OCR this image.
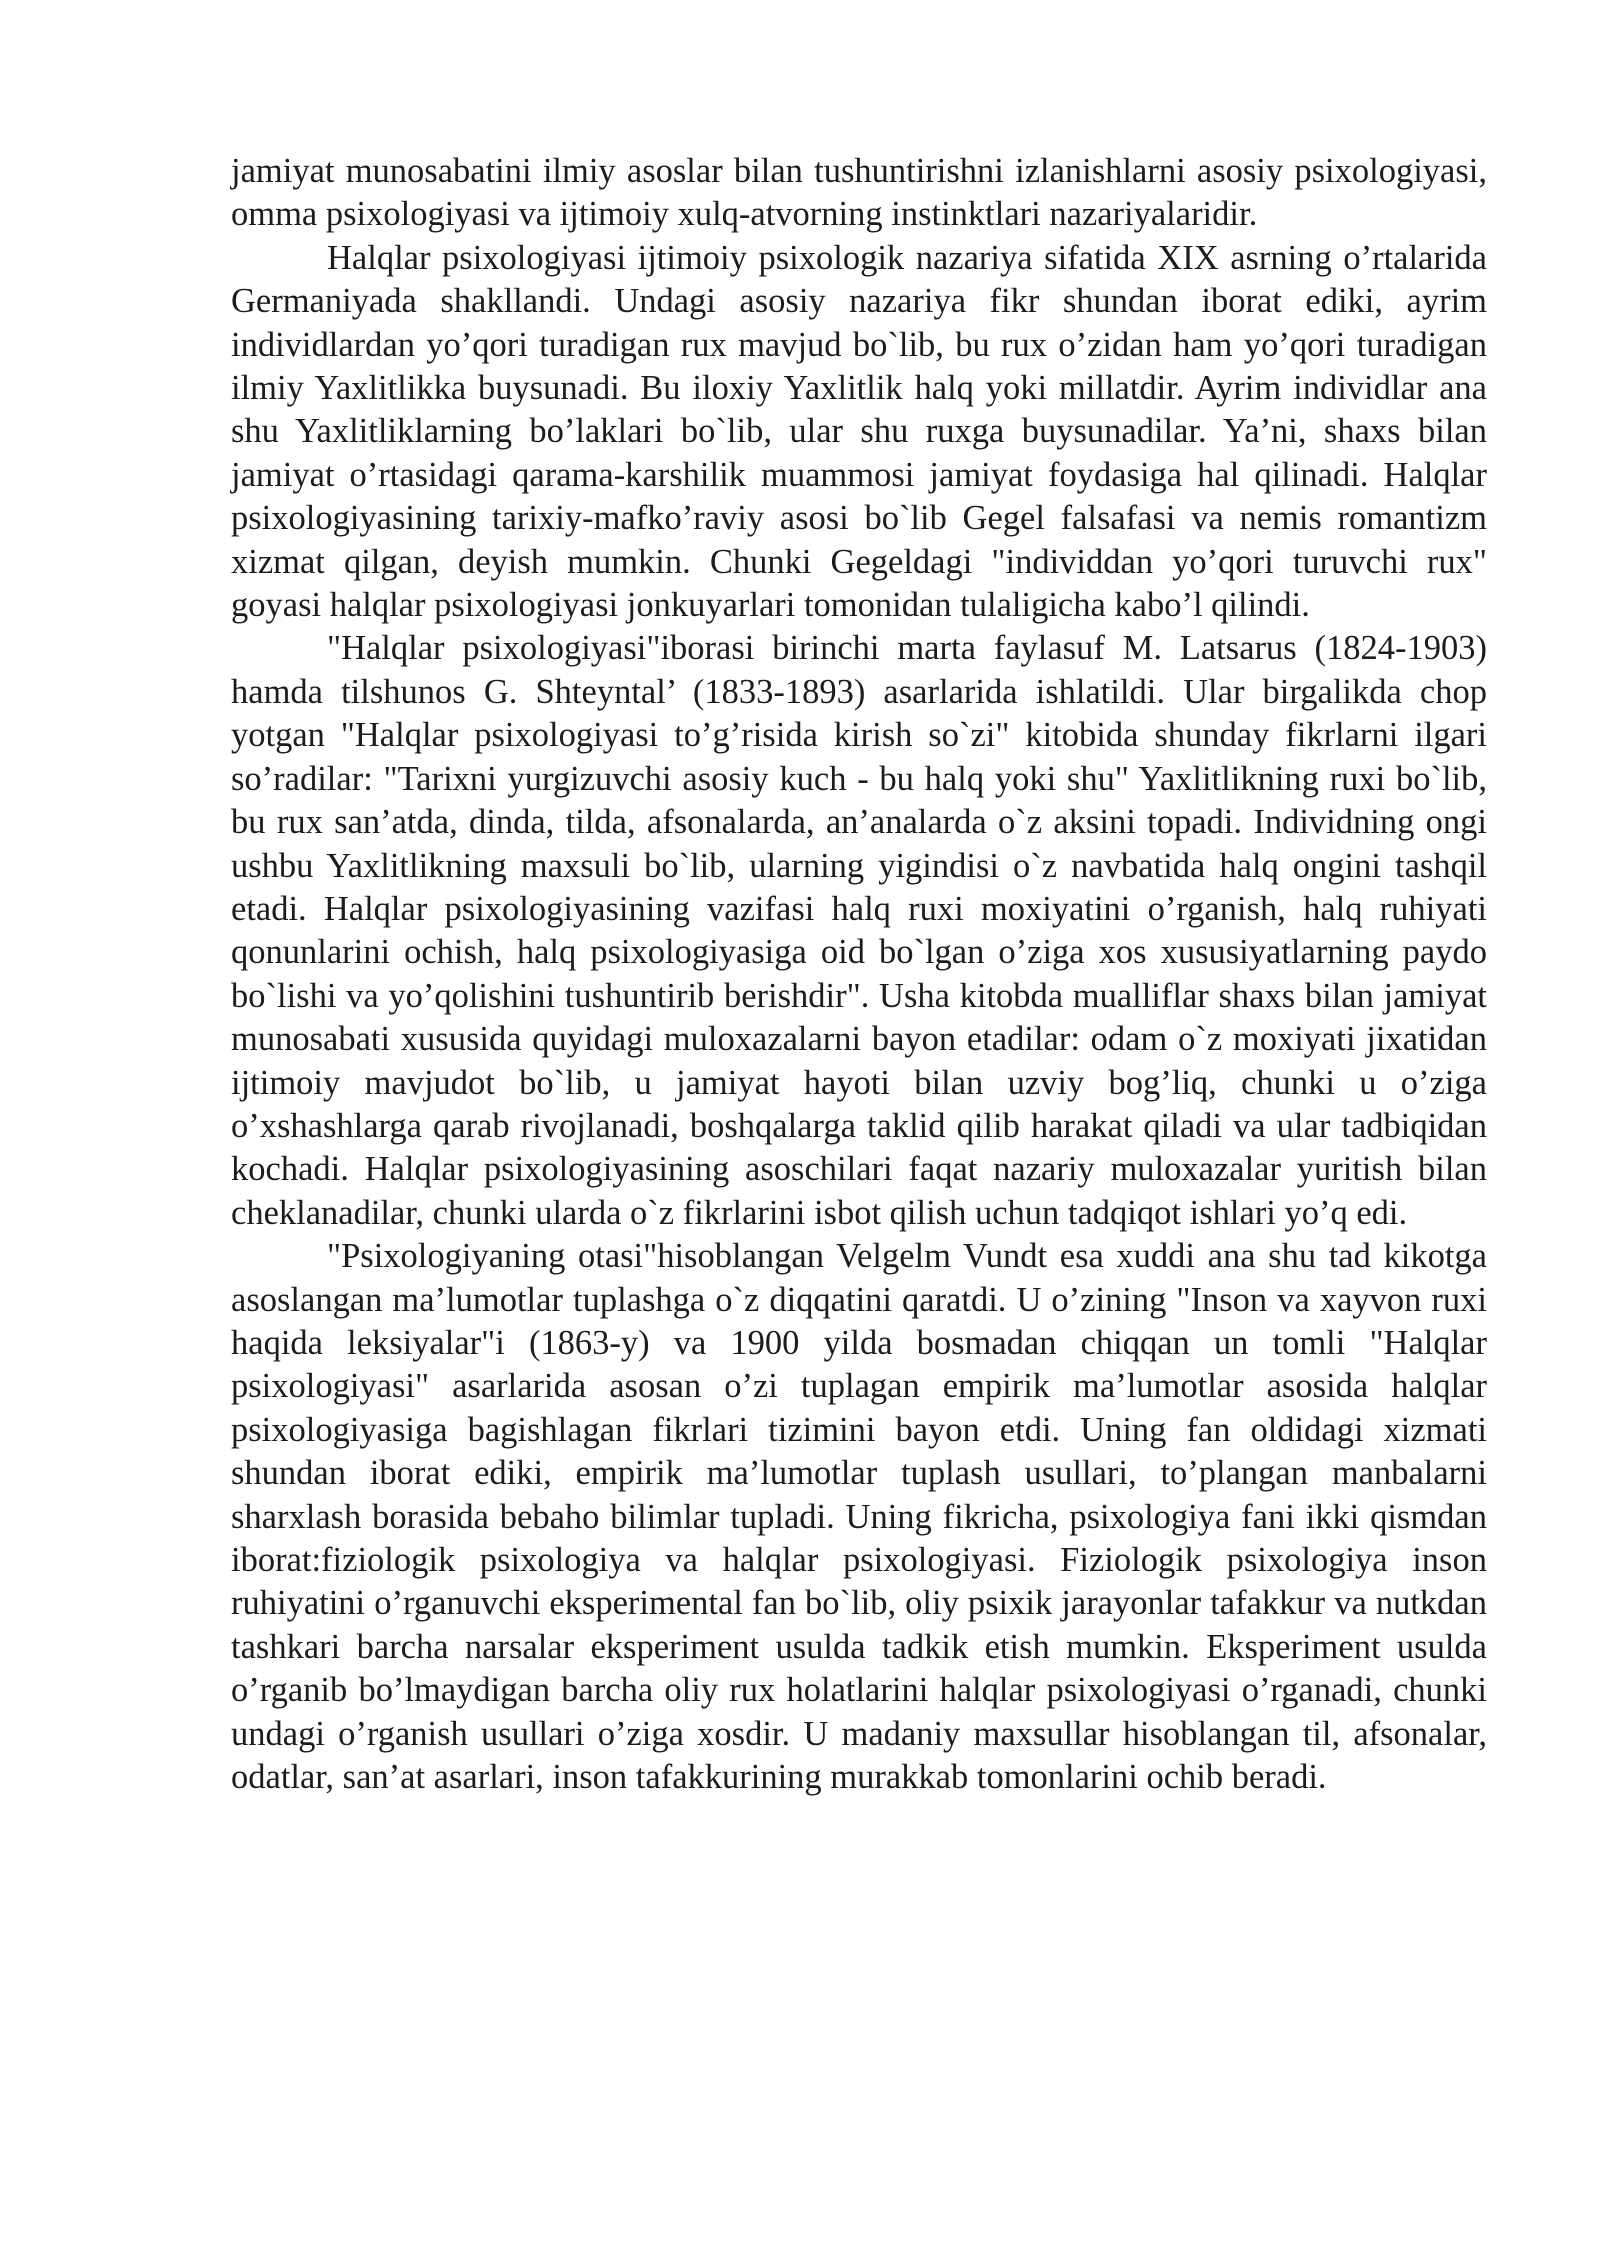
jamiyat munosabatini ilmiy asoslar bilan tushuntirishni izlanishlarni asosiy psixologiyasi, omma psixologiyasi va ijtimoiy xulq-atvorning instinktlari nazariyalaridir.

Halqlar psixologiyasi ijtimoiy psixologik nazariya sifatida XIX asrning o’rtalarida Germaniyada shakllandi. Undagi asosiy nazariya fikr shundan iborat ediki, ayrim individlardan yo’qori turadigan rux mavjud bo`lib, bu rux o’zidan ham yo’qori turadigan ilmiy Yaxlitlikka buysunadi. Bu iloxiy Yaxlitlik halq yoki millatdir. Ayrim individlar ana shu Yaxlitliklarning bo’laklari bo`lib, ular shu ruxga buysunadilar. Ya’ni, shaxs bilan jamiyat o’rtasidagi qarama-karshilik muammosi jamiyat foydasiga hal qilinadi. Halqlar psixologiyasining tarixiy-mafko’raviy asosi bo`lib Gegel falsafasi va nemis romantizm xizmat qilgan, deyish mumkin. Chunki Gegeldagi "individdan yo’qori turuvchi rux" goyasi halqlar psixologiyasi jonkuyarlari tomonidan tulaligicha kabo’l qilindi.

"Halqlar psixologiyasi"iborasi birinchi marta faylasuf M. Latsarus (1824-1903) hamda tilshunos G. Shteyntal’ (1833-1893) asarlarida ishlatildi. Ular birgalikda chop yotgan "Halqlar psixologiyasi to’g’risida kirish so`zi" kitobida shunday fikrlarni ilgari so’radilar: "Tarixni yurgizuvchi asosiy kuch - bu halq yoki shu" Yaxlitlikning ruxi bo`lib, bu rux san’atda, dinda, tilda, afsonalarda, an’analarda o`z aksini topadi. Individning ongi ushbu Yaxlitlikning maxsuli bo`lib, ularning yigindisi o`z navbatida halq ongini tashqil etadi. Halqlar psixologiyasining vazifasi halq ruxi moxiyatini o’rganish, halq ruhiyati qonunlarini ochish, halq psixologiyasiga oid bo`lgan o’ziga xos xususiyatlarning paydo bo`lishi va yo’qolishini tushuntirib berishdir". Usha kitobda mualliflar shaxs bilan jamiyat munosabati xususida quyidagi muloxazalarni bayon etadilar: odam o`z moxiyati jixatidan ijtimoiy mavjudot bo`lib, u jamiyat hayoti bilan uzviy bog’liq, chunki u o’ziga o’xshashlarga qarab rivojlanadi, boshqalarga taklid qilib harakat qiladi va ular tadbiqidan kochadi. Halqlar psixologiyasining asoschilari faqat nazariy muloxazalar yuritish bilan cheklanadilar, chunki ularda o`z fikrlarini isbot qilish uchun tadqiqot ishlari yo’q edi.

"Psixologiyaning otasi"hisoblangan Velgelm Vundt esa xuddi ana shu tad kikotga asoslangan ma’lumotlar tuplashga o`z diqqatini qaratdi. U o’zining "Inson va xayvon ruxi haqida leksiyalar"i (1863-y) va 1900 yilda bosmadan chiqqan un tomli "Halqlar psixologiyasi" asarlarida asosan o’zi tuplagan empirik ma’lumotlar asosida halqlar psixologiyasiga bagishlagan fikrlari tizimini bayon etdi. Uning fan oldidagi xizmati shundan iborat ediki, empirik ma’lumotlar tuplash usullari, to’plangan manbalarni sharxlash borasida bebaho bilimlar tupladi. Uning fikricha, psixologiya fani ikki qismdan iborat:fiziologik psixologiya va halqlar psixologiyasi. Fiziologik psixologiya inson ruhiyatini o’rganuvchi eksperimental fan bo`lib, oliy psixik jarayonlar tafakkur va nutkdan tashkari barcha narsalar eksperiment usulda tadkik etish mumkin. Eksperiment usulda o’rganib bo’lmaydigan barcha oliy rux holatlarini halqlar psixologiyasi o’rganadi, chunki undagi o’rganish usullari o’ziga xosdir. U madaniy maxsullar hisoblangan til, afsonalar, odatlar, san’at asarlari, inson tafakkurining murakkab tomonlarini ochib beradi.
